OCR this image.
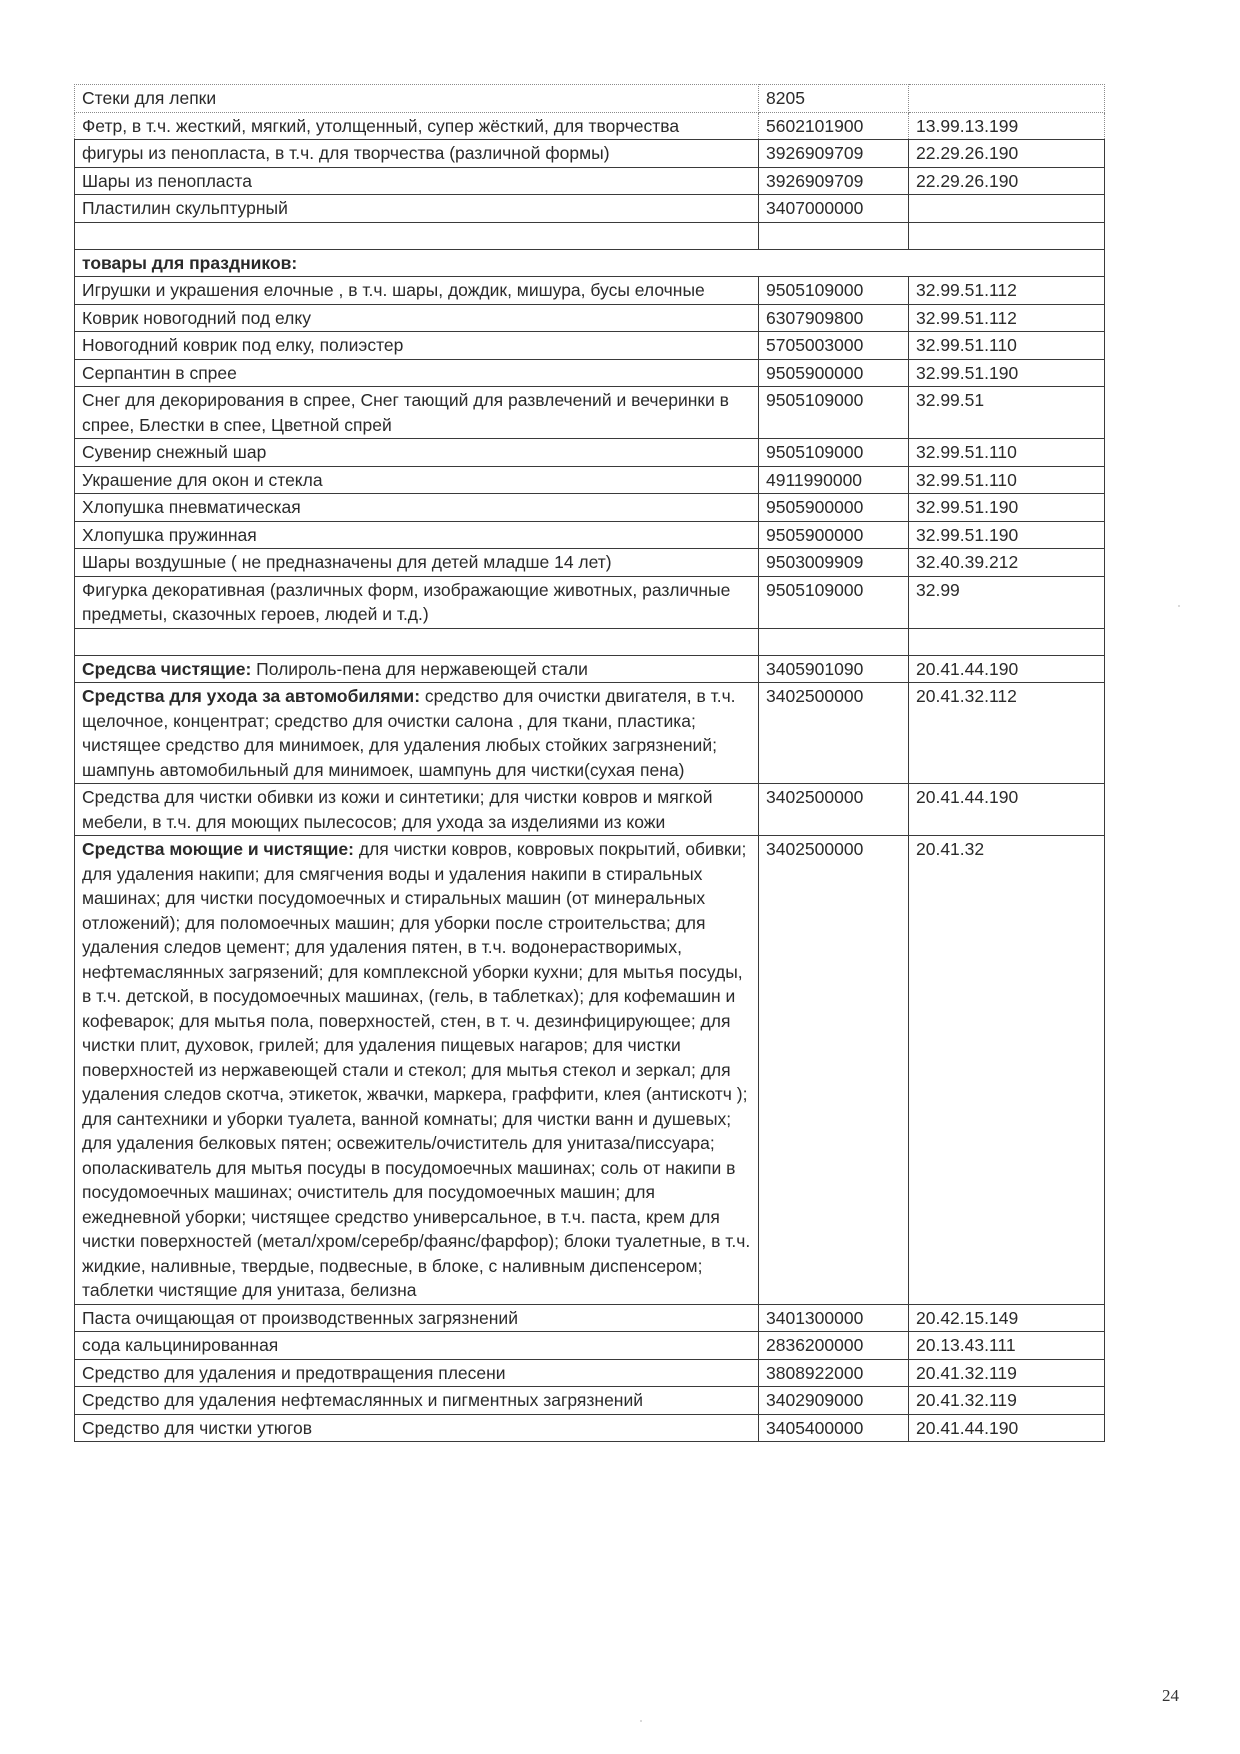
Стеки для лепки	8205	
Фетр, в т.ч. жесткий, мягкий, утолщенный, супер жёсткий, для творчества	5602101900	13.99.13.199
фигуры из пенопласта, в т.ч. для творчества (различной формы)	3926909709	22.29.26.190
Шары из пенопласта	3926909709	22.29.26.190
Пластилин скульптурный	3407000000	

товары для праздников:		
Игрушки и украшения елочные , в т.ч. шары, дождик, мишура, бусы елочные	9505109000	32.99.51.112
Коврик новогодний под елку	6307909800	32.99.51.112
Новогодний коврик под елку, полиэстер	5705003000	32.99.51.110
Серпантин в спрее	9505900000	32.99.51.190
Снег для декорирования в спрее, Снег тающий для развлечений и вечеринки в спрее, Блестки в спее, Цветной спрей	9505109000	32.99.51
Сувенир снежный шар	9505109000	32.99.51.110
Украшение для окон и стекла	4911990000	32.99.51.110
Хлопушка пневматическая	9505900000	32.99.51.190
Хлопушка пружинная	9505900000	32.99.51.190
Шары воздушные ( не предназначены для детей младше 14 лет)	9503009909	32.40.39.212
Фигурка декоративная (различных форм, изображающие животных, различные предметы, сказочных героев, людей и т.д.)	9505109000	32.99

Средсва чистящие: Полироль-пена для нержавеющей стали	3405901090	20.41.44.190
Средства для ухода за автомобилями: средство для очистки двигателя, в т.ч. щелочное, концентрат; средство для очистки салона , для ткани, пластика; чистящее средство для минимоек, для удаления любых стойких загрязнений; шампунь автомобильный для минимоек, шампунь для чистки(сухая пена)	3402500000	20.41.32.112
Средства для чистки обивки из кожи и синтетики; для чистки ковров и мягкой мебели, в т.ч. для моющих пылесосов; для ухода за изделиями из кожи	3402500000	20.41.44.190
Средства моющие и чистящие: для чистки ковров, ковровых покрытий, обивки; для удаления накипи; для смягчения воды и удаления накипи в стиральных машинах; для чистки посудомоечных и стиральных машин (от минеральных отложений); для поломоечных машин; для уборки после строительства; для удаления следов цемент; для удаления пятен, в т.ч. водонерастворимых, нефтемаслянных загрязений; для комплексной уборки кухни; для мытья посуды, в т.ч. детской, в посудомоечных машинах, (гель, в таблетках); для кофемашин и кофеварок; для мытья пола, поверхностей, стен, в т. ч. дезинфицирующее; для чистки плит, духовок, грилей; для удаления пищевых нагаров; для чистки поверхностей из нержавеющей стали и стекол; для мытья стекол и зеркал; для удаления следов скотча, этикеток, жвачки, маркера, граффити, клея (антискотч ); для сантехники и уборки туалета, ванной комнаты; для чистки ванн и душевых; для удаления белковых пятен; освежитель/очиститель для унитаза/писсуара; ополаскиватель для мытья посуды в посудомоечных машинах; соль от накипи в посудомоечных машинах; очиститель для посудомоечных машин; для ежедневной уборки; чистящее средство универсальное, в т.ч. паста, крем для чистки поверхностей (метал/хром/серебр/фаянс/фарфор); блоки туалетные, в т.ч. жидкие, наливные, твердые, подвесные, в блоке, с наливным диспенсером; таблетки чистящие для унитаза, белизна	3402500000	20.41.32
Паста очищающая от производственных загрязнений	3401300000	20.42.15.149
сода кальцинированная	2836200000	20.13.43.111
Средство для удаления и предотвращения плесени	3808922000	20.41.32.119
Средство для удаления нефтемаслянных и пигментных загрязнений	3402909000	20.41.32.119
Средство для чистки утюгов	3405400000	20.41.44.190
24
